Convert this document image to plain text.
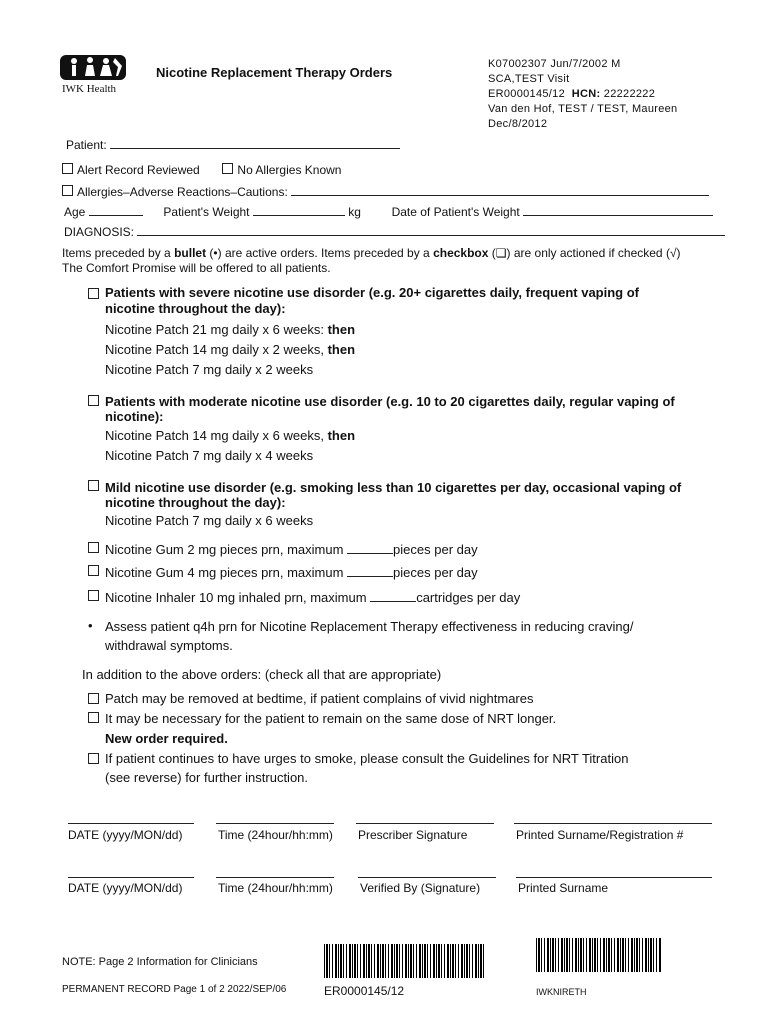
IWK Health
Nicotine Replacement Therapy Orders
K07002307 Jun/7/2002 M
SCA,TEST Visit
ER0000145/12 HCN: 22222222
Van den Hof, TEST / TEST, Maureen
Dec/8/2012
Patient:
Alert Record Reviewed	No Allergies Known
Allergies–Adverse Reactions–Cautions:
Age	Patient's Weight	kg	Date of Patient's Weight
DIAGNOSIS:
Items preceded by a bullet (•) are active orders. Items preceded by a checkbox (❏) are only actioned if checked (√)
The Comfort Promise will be offered to all patients.
Patients with severe nicotine use disorder (e.g. 20+ cigarettes daily, frequent vaping of
nicotine throughout the day):
Nicotine Patch 21 mg daily x 6 weeks: then
Nicotine Patch 14 mg daily x 2 weeks, then
Nicotine Patch 7 mg daily x 2 weeks
Patients with moderate nicotine use disorder (e.g. 10 to 20 cigarettes daily, regular vaping of
nicotine):
Nicotine Patch 14 mg daily x 6 weeks, then
Nicotine Patch 7 mg daily x 4 weeks
Mild nicotine use disorder (e.g. smoking less than 10 cigarettes per day, occasional vaping of
nicotine throughout the day):
Nicotine Patch 7 mg daily x 6 weeks
Nicotine Gum 2 mg pieces prn, maximum	pieces per day
Nicotine Gum 4 mg pieces prn, maximum	pieces per day
Nicotine Inhaler 10 mg inhaled prn, maximum	cartridges per day
• Assess patient q4h prn for Nicotine Replacement Therapy effectiveness in reducing craving/
withdrawal symptoms.
In addition to the above orders: (check all that are appropriate)
Patch may be removed at bedtime, if patient complains of vivid nightmares
It may be necessary for the patient to remain on the same dose of NRT longer.
New order required.
If patient continues to have urges to smoke, please consult the Guidelines for NRT Titration
(see reverse) for further instruction.
DATE (yyyy/MON/dd)	Time (24hour/hh:mm) Prescriber Signature	Printed Surname/Registration #
DATE (yyyy/MON/dd)	Time (24hour/hh:mm) Verified By (Signature)	Printed Surname
NOTE: Page 2 Information for Clinicians
PERMANENT RECORD Page 1 of 2 2022/SEP/06	ER0000145/12	IWKNIRETH
